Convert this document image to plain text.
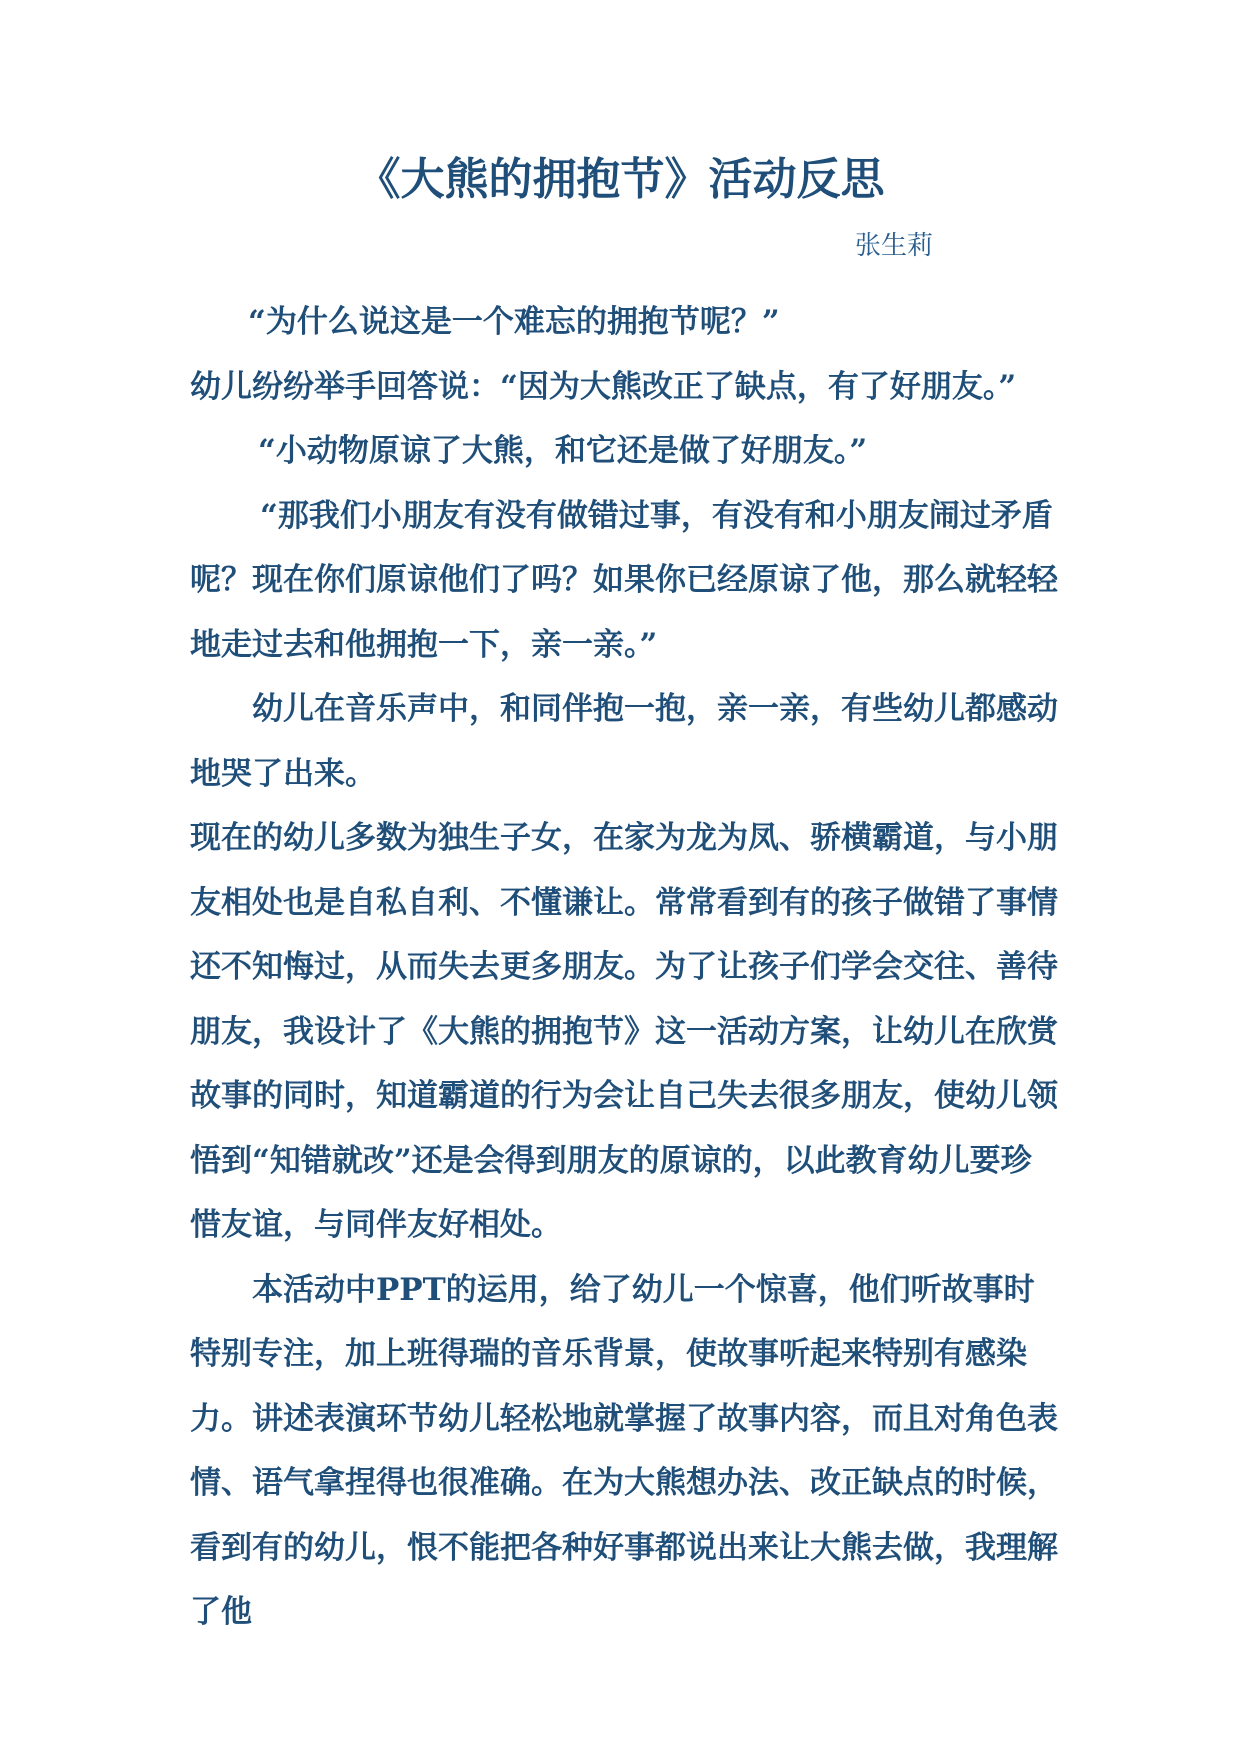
《大熊的拥抱节》活动反思
张生莉

“为什么说这是一个难忘的拥抱节呢？”

幼儿纷纷举手回答说：“因为大熊改正了缺点，有了好朋友。”

“小动物原谅了大熊，和它还是做了好朋友。”

“那我们小朋友有没有做错过事，有没有和小朋友闹过矛盾呢？现在你们原谅他们了吗？如果你已经原谅了他，那么就轻轻地走过去和他拥抱一下，亲一亲。”

幼儿在音乐声中，和同伴抱一抱，亲一亲，有些幼儿都感动地哭了出来。

现在的幼儿多数为独生子女，在家为龙为凤、骄横霸道，与小朋友相处也是自私自利、不懂谦让。常常看到有的孩子做错了事情还不知悔过，从而失去更多朋友。为了让孩子们学会交往、善待朋友，我设计了《大熊的拥抱节》这一活动方案，让幼儿在欣赏故事的同时，知道霸道的行为会让自己失去很多朋友，使幼儿领悟到“知错就改”还是会得到朋友的原谅的，以此教育幼儿要珍惜友谊，与同伴友好相处。

本活动中PPT的运用，给了幼儿一个惊喜，他们听故事时特别专注，加上班得瑞的音乐背景，使故事听起来特别有感染力。讲述表演环节幼儿轻松地就掌握了故事内容，而且对角色表情、语气拿捏得也很准确。在为大熊想办法、改正缺点的时候，看到有的幼儿，恨不能把各种好事都说出来让大熊去做，我理解了他
